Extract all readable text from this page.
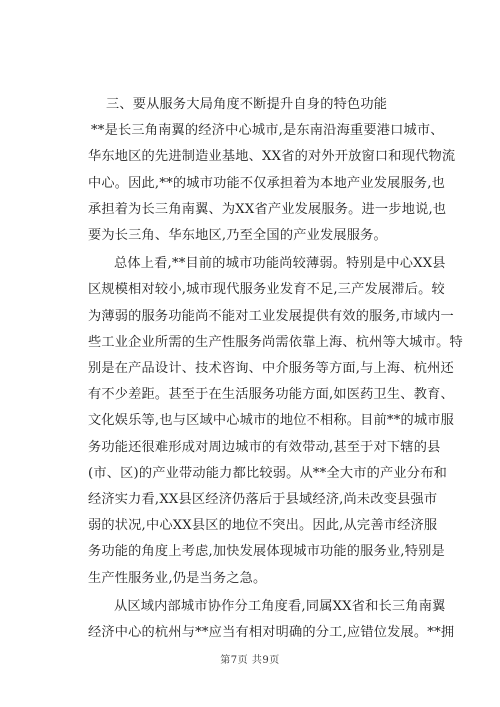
三、要从服务大局角度不断提升自身的特色功能

**是长三角南翼的经济中心城市,是东南沿海重要港口城市、
华东地区的先进制造业基地、XX省的对外开放窗口和现代物流
中心。因此,**的城市功能不仅承担着为本地产业发展服务,也
承担着为长三角南翼、为XX省产业发展服务。进一步地说,也
要为长三角、华东地区,乃至全国的产业发展服务。

总体上看,**目前的城市功能尚较薄弱。特别是中心XX县
区规模相对较小,城市现代服务业发育不足,三产发展滞后。较
为薄弱的服务功能尚不能对工业发展提供有效的服务,市域内一
些工业企业所需的生产性服务尚需依靠上海、杭州等大城市。特
别是在产品设计、技术咨询、中介服务等方面,与上海、杭州还
有不少差距。甚至于在生活服务功能方面,如医药卫生、教育、
文化娱乐等,也与区域中心城市的地位不相称。目前**的城市服
务功能还很难形成对周边城市的有效带动,甚至于对下辖的县
(市、区)的产业带动能力都比较弱。从**全大市的产业分布和
经济实力看,XX县区经济仍落后于县域经济,尚未改变县强市
弱的状况,中心XX县区的地位不突出。因此,从完善市经济服
务功能的角度上考虑,加快发展体现城市功能的服务业,特别是
生产性服务业,仍是当务之急。

从区域内部城市协作分工角度看,同属XX省和长三角南翼
经济中心的杭州与**应当有相对明确的分工,应错位发展。**拥

第7页 共9页
